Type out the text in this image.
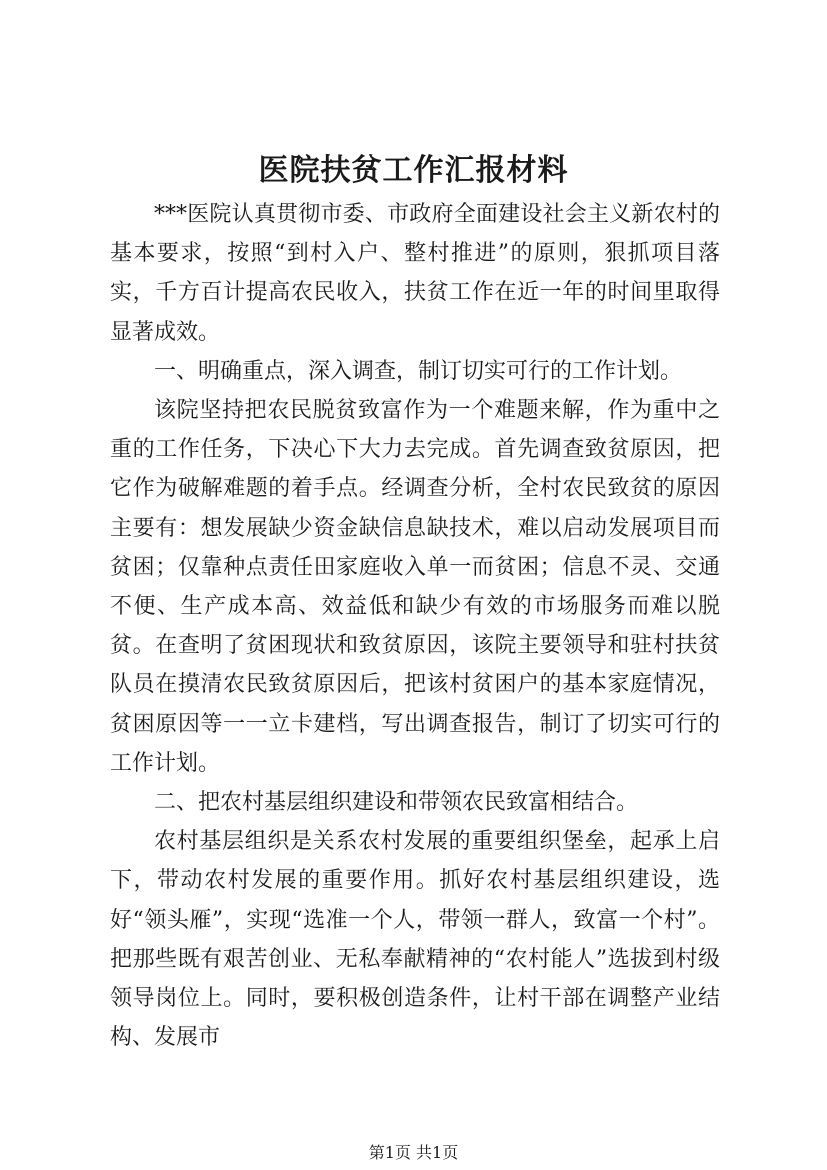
医院扶贫工作汇报材料

***医院认真贯彻市委、市政府全面建设社会主义新农村的基本要求，按照“到村入户、整村推进”的原则，狠抓项目落实，千方百计提高农民收入，扶贫工作在近一年的时间里取得显著成效。

一、明确重点，深入调查，制订切实可行的工作计划。

该院坚持把农民脱贫致富作为一个难题来解，作为重中之重的工作任务，下决心下大力去完成。首先调查致贫原因，把它作为破解难题的着手点。经调查分析，全村农民致贫的原因主要有：想发展缺少资金缺信息缺技术，难以启动发展项目而贫困；仅靠种点责任田家庭收入单一而贫困；信息不灵、交通不便、生产成本高、效益低和缺少有效的市场服务而难以脱贫。在查明了贫困现状和致贫原因，该院主要领导和驻村扶贫队员在摸清农民致贫原因后，把该村贫困户的基本家庭情况，贫困原因等一一立卡建档，写出调查报告，制订了切实可行的工作计划。

二、把农村基层组织建设和带领农民致富相结合。

农村基层组织是关系农村发展的重要组织堡垒，起承上启下，带动农村发展的重要作用。抓好农村基层组织建设，选好“领头雁”，实现“选准一个人，带领一群人，致富一个村”。把那些既有艰苦创业、无私奉献精神的“农村能人”选拔到村级领导岗位上。同时，要积极创造条件，让村干部在调整产业结构、发展市

第1页 共1页
